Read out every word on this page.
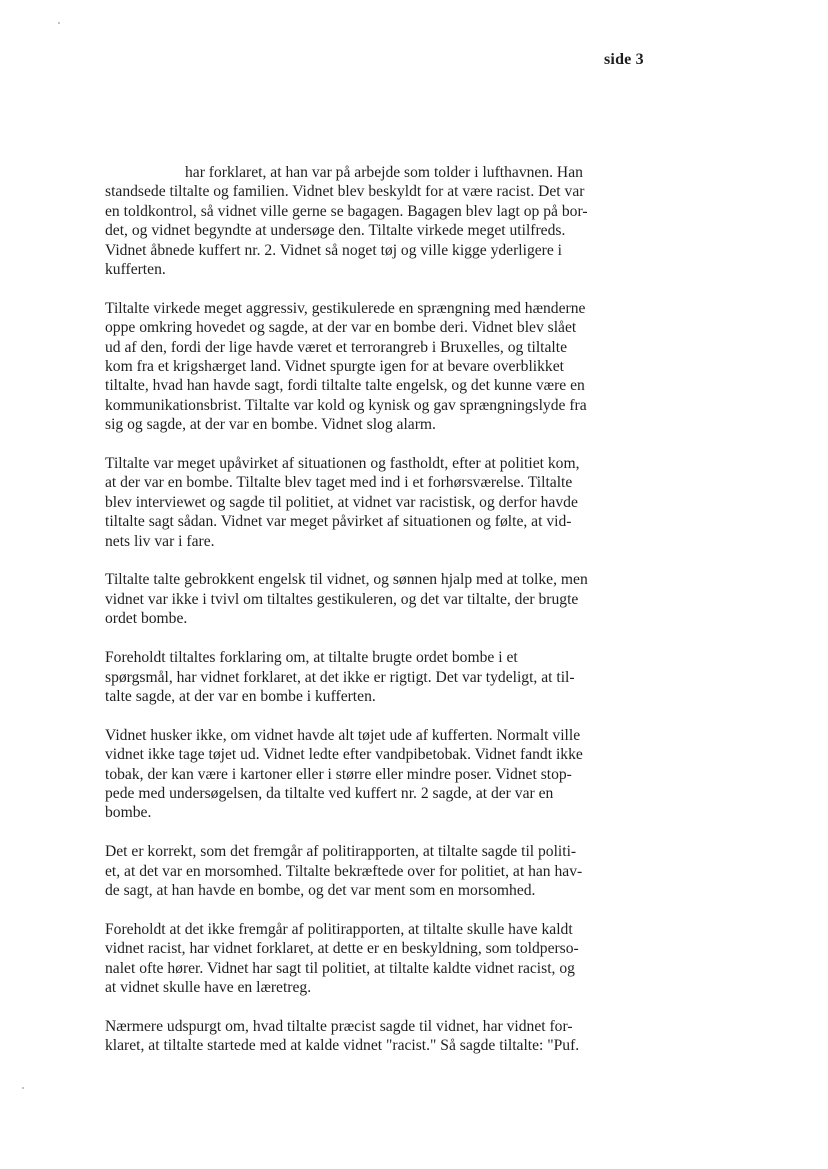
side 3
har forklaret, at han var på arbejde som tolder i lufthavnen. Han
standsede tiltalte og familien. Vidnet blev beskyldt for at være racist. Det var
en toldkontrol, så vidnet ville gerne se bagagen. Bagagen blev lagt op på bor-
det, og vidnet begyndte at undersøge den. Tiltalte virkede meget utilfreds.
Vidnet åbnede kuffert nr. 2. Vidnet så noget tøj og ville kigge yderligere i
kufferten.
Tiltalte virkede meget aggressiv, gestikulerede en sprængning med hænderne
oppe omkring hovedet og sagde, at der var en bombe deri. Vidnet blev slået
ud af den, fordi der lige havde været et terrorangreb i Bruxelles, og tiltalte
kom fra et krigshærget land. Vidnet spurgte igen for at bevare overblikket
tiltalte, hvad han havde sagt, fordi tiltalte talte engelsk, og det kunne være en
kommunikationsbrist. Tiltalte var kold og kynisk og gav sprængningslyde fra
sig og sagde, at der var en bombe. Vidnet slog alarm.
Tiltalte var meget upåvirket af situationen og fastholdt, efter at politiet kom,
at der var en bombe. Tiltalte blev taget med ind i et forhørsværelse. Tiltalte
blev interviewet og sagde til politiet, at vidnet var racistisk, og derfor havde
tiltalte sagt sådan. Vidnet var meget påvirket af situationen og følte, at vid-
nets liv var i fare.
Tiltalte talte gebrokkent engelsk til vidnet, og sønnen hjalp med at tolke, men
vidnet var ikke i tvivl om tiltaltes gestikuleren, og det var tiltalte, der brugte
ordet bombe.
Foreholdt tiltaltes forklaring om, at tiltalte brugte ordet bombe i et
spørgsmål, har vidnet forklaret, at det ikke er rigtigt. Det var tydeligt, at til-
talte sagde, at der var en bombe i kufferten.
Vidnet husker ikke, om vidnet havde alt tøjet ude af kufferten. Normalt ville
vidnet ikke tage tøjet ud. Vidnet ledte efter vandpibetobak. Vidnet fandt ikke
tobak, der kan være i kartoner eller i større eller mindre poser. Vidnet stop-
pede med undersøgelsen, da tiltalte ved kuffert nr. 2 sagde, at der var en
bombe.
Det er korrekt, som det fremgår af politirapporten, at tiltalte sagde til politi-
et, at det var en morsomhed. Tiltalte bekræftede over for politiet, at han hav-
de sagt, at han havde en bombe, og det var ment som en morsomhed.
Foreholdt at det ikke fremgår af politirapporten, at tiltalte skulle have kaldt
vidnet racist, har vidnet forklaret, at dette er en beskyldning, som toldperso-
nalet ofte hører. Vidnet har sagt til politiet, at tiltalte kaldte vidnet racist, og
at vidnet skulle have en læretreg.
Nærmere udspurgt om, hvad tiltalte præcist sagde til vidnet, har vidnet for-
klaret, at tiltalte startede med at kalde vidnet "racist." Så sagde tiltalte: "Puf.
